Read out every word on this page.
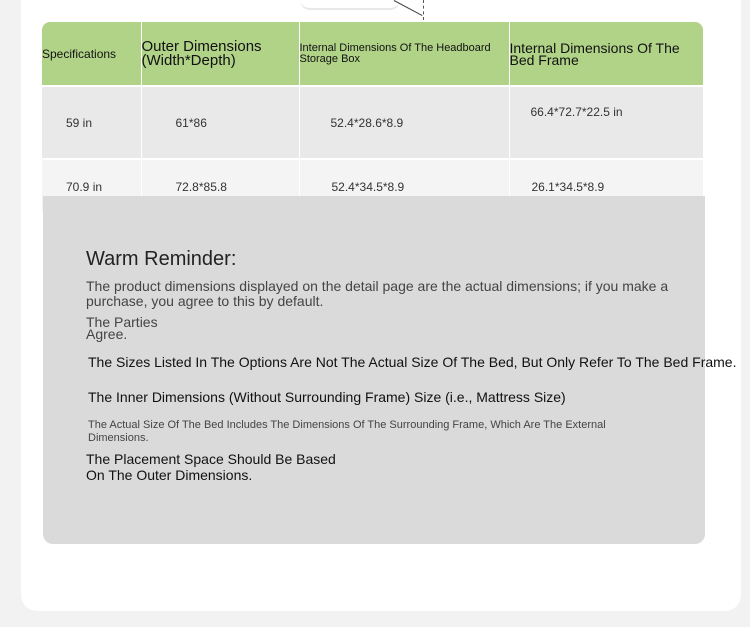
Specifications	Outer Dimensions (Width*Depth)	Internal Dimensions Of The Headboard Storage Box	Internal Dimensions Of The Bed Frame
59 in	61*86	52.4*28.6*8.9	66.4*72.7*22.5 in
70.9 in	72.8*85.8	52.4*34.5*8.9	26.1*34.5*8.9
Warm Reminder:
The product dimensions displayed on the detail page are the actual dimensions; if you make a purchase, you agree to this by default.
The Parties Agree.
The Sizes Listed In The Options Are Not The Actual Size Of The Bed, But Only Refer To The Bed Frame.
The Inner Dimensions (Without Surrounding Frame) Size (i.e., Mattress Size)
The Actual Size Of The Bed Includes The Dimensions Of The Surrounding Frame, Which Are The External Dimensions.
The Placement Space Should Be Based On The Outer Dimensions.
